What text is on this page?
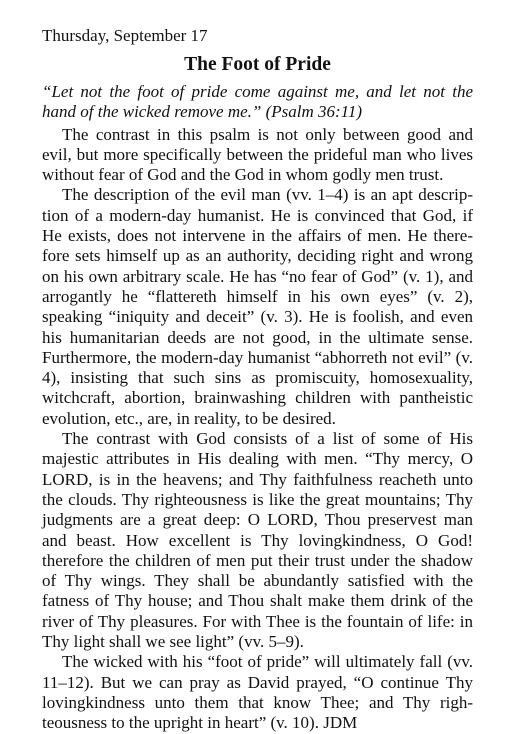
Thursday, September 17

The Foot of Pride

“Let not the foot of pride come against me, and let not the hand of the wicked remove me.” (Psalm 36:11)

The contrast in this psalm is not only between good and evil, but more specifically between the prideful man who lives without fear of God and the God in whom godly men trust.

The description of the evil man (vv. 1–4) is an apt description of a modern-day humanist. He is convinced that God, if He exists, does not intervene in the affairs of men. He therefore sets himself up as an authority, deciding right and wrong on his own arbitrary scale. He has “no fear of God” (v. 1), and arrogantly he “flattereth himself in his own eyes” (v. 2), speaking “iniquity and deceit” (v. 3). He is foolish, and even his humanitarian deeds are not good, in the ultimate sense. Furthermore, the modern-day humanist “abhorreth not evil” (v. 4), insisting that such sins as promiscuity, homosexuality, witchcraft, abortion, brainwashing children with pantheistic evolution, etc., are, in reality, to be desired.

The contrast with God consists of a list of some of His majestic attributes in His dealing with men. “Thy mercy, O LORD, is in the heavens; and Thy faithfulness reacheth unto the clouds. Thy righteousness is like the great mountains; Thy judgments are a great deep: O LORD, Thou preservest man and beast. How excellent is Thy lovingkindness, O God! therefore the children of men put their trust under the shadow of Thy wings. They shall be abundantly satisfied with the fatness of Thy house; and Thou shalt make them drink of the river of Thy pleasures. For with Thee is the fountain of life: in Thy light shall we see light” (vv. 5–9).

The wicked with his “foot of pride” will ultimately fall (vv. 11–12). But we can pray as David prayed, “O continue Thy lovingkindness unto them that know Thee; and Thy righteousness to the upright in heart” (v. 10). JDM
